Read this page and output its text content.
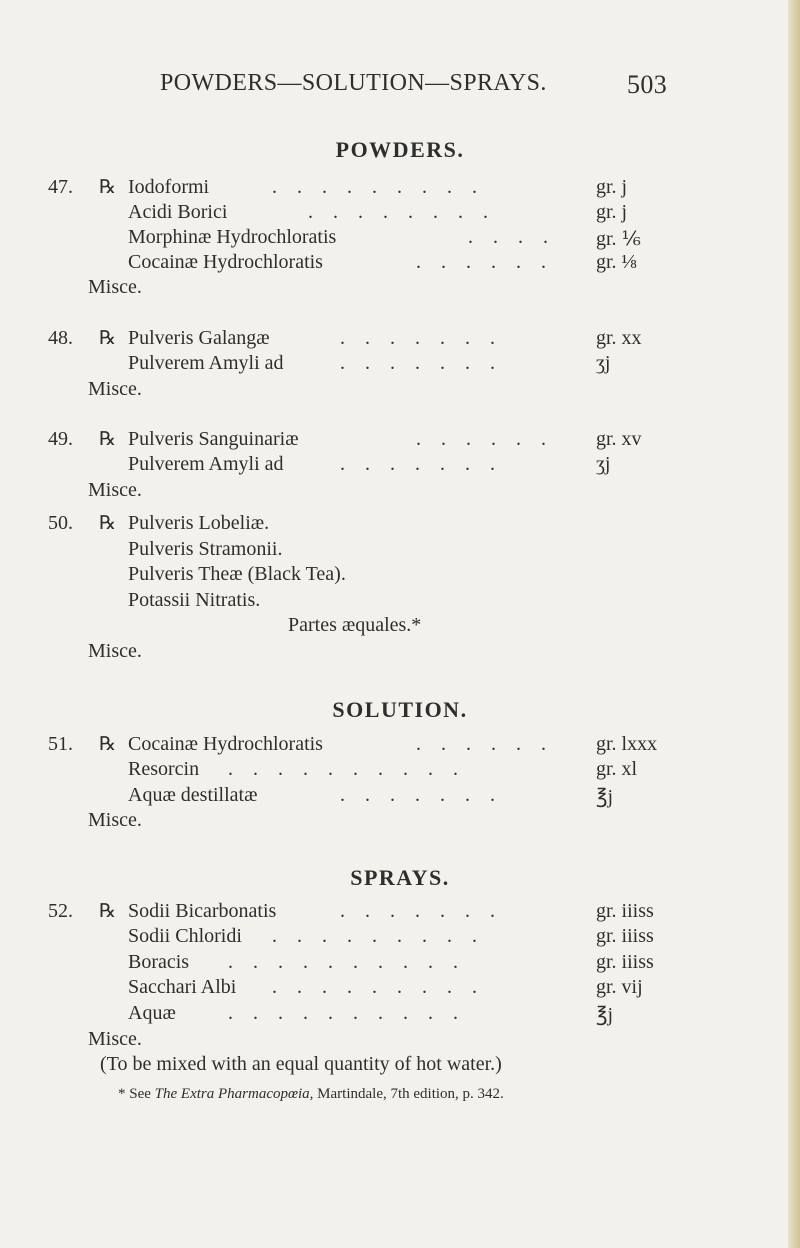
POWDERS—SOLUTION—SPRAYS.	503
POWDERS.
47. ℞ Iodoformi	. . . . . . . . .	gr. j
Acidi Borici	. . . . . . . .	gr. j
Morphinæ Hydrochloratis	. . . . gr. ⅙
Cocainæ Hydrochloratis	. . . . . .	gr. ⅛
Misce.
48. ℞ Pulveris Galangæ	. . . . . . .	gr. xx
Pulverem Amyli ad	. . . . . . .	ʒj
Misce.
49. ℞ Pulveris Sanguinariæ	. . . . . .	gr. xv
Pulverem Amyli ad	. . . . . . .	ʒj
Misce.
50. ℞ Pulveris Lobeliæ.
Pulveris Stramonii.
Pulveris Theæ (Black Tea).
Potassii Nitratis.
Partes æquales.*
Misce.
SOLUTION.
51. ℞ Cocainæ Hydrochloratis	. . . . . .	gr. lxxx
Resorcin . . . . . . . . . .	gr. xl
Aquæ destillatæ	. . . . . . .	℥j
Misce.
SPRAYS.
52. ℞ Sodii Bicarbonatis	. . . . . . .	gr. iiiss
Sodii Chloridi . . . . . . . . .	gr. iiiss
Boracis . . . . . . . . . .	gr. iiiss
Sacchari Albi . . . . . . . . .	gr. vij
Aquæ	. . . . . . . . . .	℥j
Misce.
(To be mixed with an equal quantity of hot water.)
* See The Extra Pharmacopœia, Martindale, 7th edition, p. 342.
